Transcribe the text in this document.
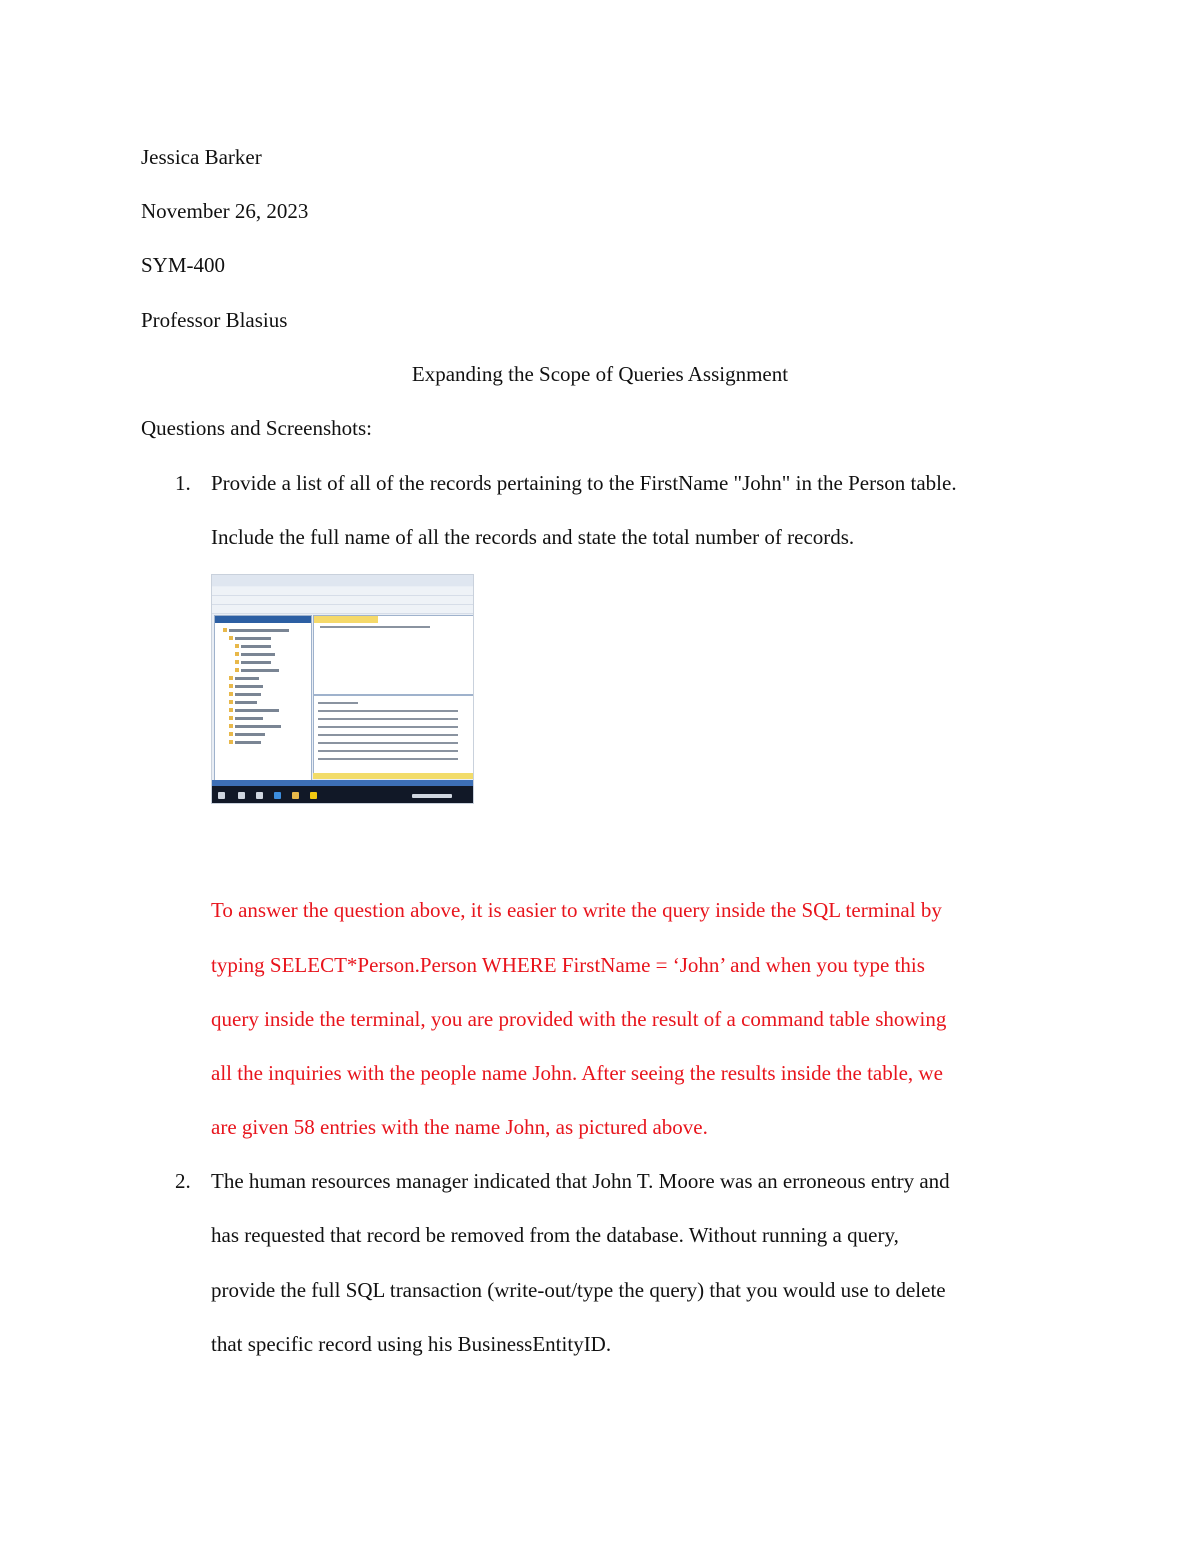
Jessica Barker
November 26, 2023
SYM-400
Professor Blasius
Expanding the Scope of Queries Assignment
Questions and Screenshots:
1. Provide a list of all of the records pertaining to the FirstName "John" in the Person table.
Include the full name of all the records and state the total number of records.
To answer the question above, it is easier to write the query inside the SQL terminal by
typing SELECT*Person.Person WHERE FirstName = ‘John’ and when you type this
query inside the terminal, you are provided with the result of a command table showing
all the inquiries with the people name John. After seeing the results inside the table, we
are given 58 entries with the name John, as pictured above.
2. The human resources manager indicated that John T. Moore was an erroneous entry and
has requested that record be removed from the database. Without running a query,
provide the full SQL transaction (write-out/type the query) that you would use to delete
that specific record using his BusinessEntityID.
